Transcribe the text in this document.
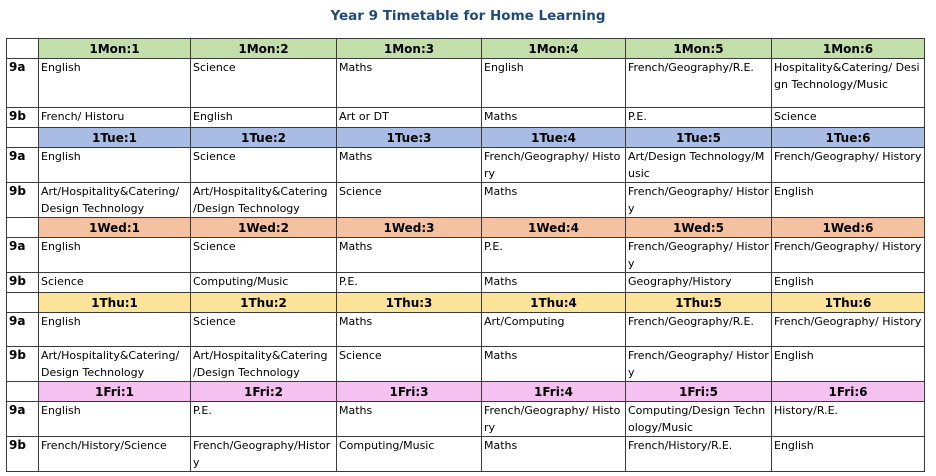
Year 9 Timetable for Home Learning
	1Mon:1	1Mon:2	1Mon:3	1Mon:4	1Mon:5	1Mon:6
9a	English	Science	Maths	English	French/Geography/R.E.	Hospitality&Catering/ Design Technology/Music
9b	French/ Historu	English	Art or DT	Maths	P.E.	Science
	1Tue:1	1Tue:2	1Tue:3	1Tue:4	1Tue:5	1Tue:6
9a	English	Science	Maths	French/Geography/ History	Art/Design Technology/Music	French/Geography/ History
9b	Art/Hospitality&Catering/ Design Technology	Art/Hospitality&Catering /Design Technology	Science	Maths	French/Geography/ History	English
	1Wed:1	1Wed:2	1Wed:3	1Wed:4	1Wed:5	1Wed:6
9a	English	Science	Maths	P.E.	French/Geography/ History	French/Geography/ History
9b	Science	Computing/Music	P.E.	Maths	Geography/History	English
	1Thu:1	1Thu:2	1Thu:3	1Thu:4	1Thu:5	1Thu:6
9a	English	Science	Maths	Art/Computing	French/Geography/R.E.	French/Geography/ History
9b	Art/Hospitality&Catering/ Design Technology	Art/Hospitality&Catering /Design Technology	Science	Maths	French/Geography/ History	English
	1Fri:1	1Fri:2	1Fri:3	1Fri:4	1Fri:5	1Fri:6
9a	English	P.E.	Maths	French/Geography/ History	Computing/Design Technology/Music	History/R.E.
9b	French/History/Science	French/Geography/History	Computing/Music	Maths	French/History/R.E.	English
